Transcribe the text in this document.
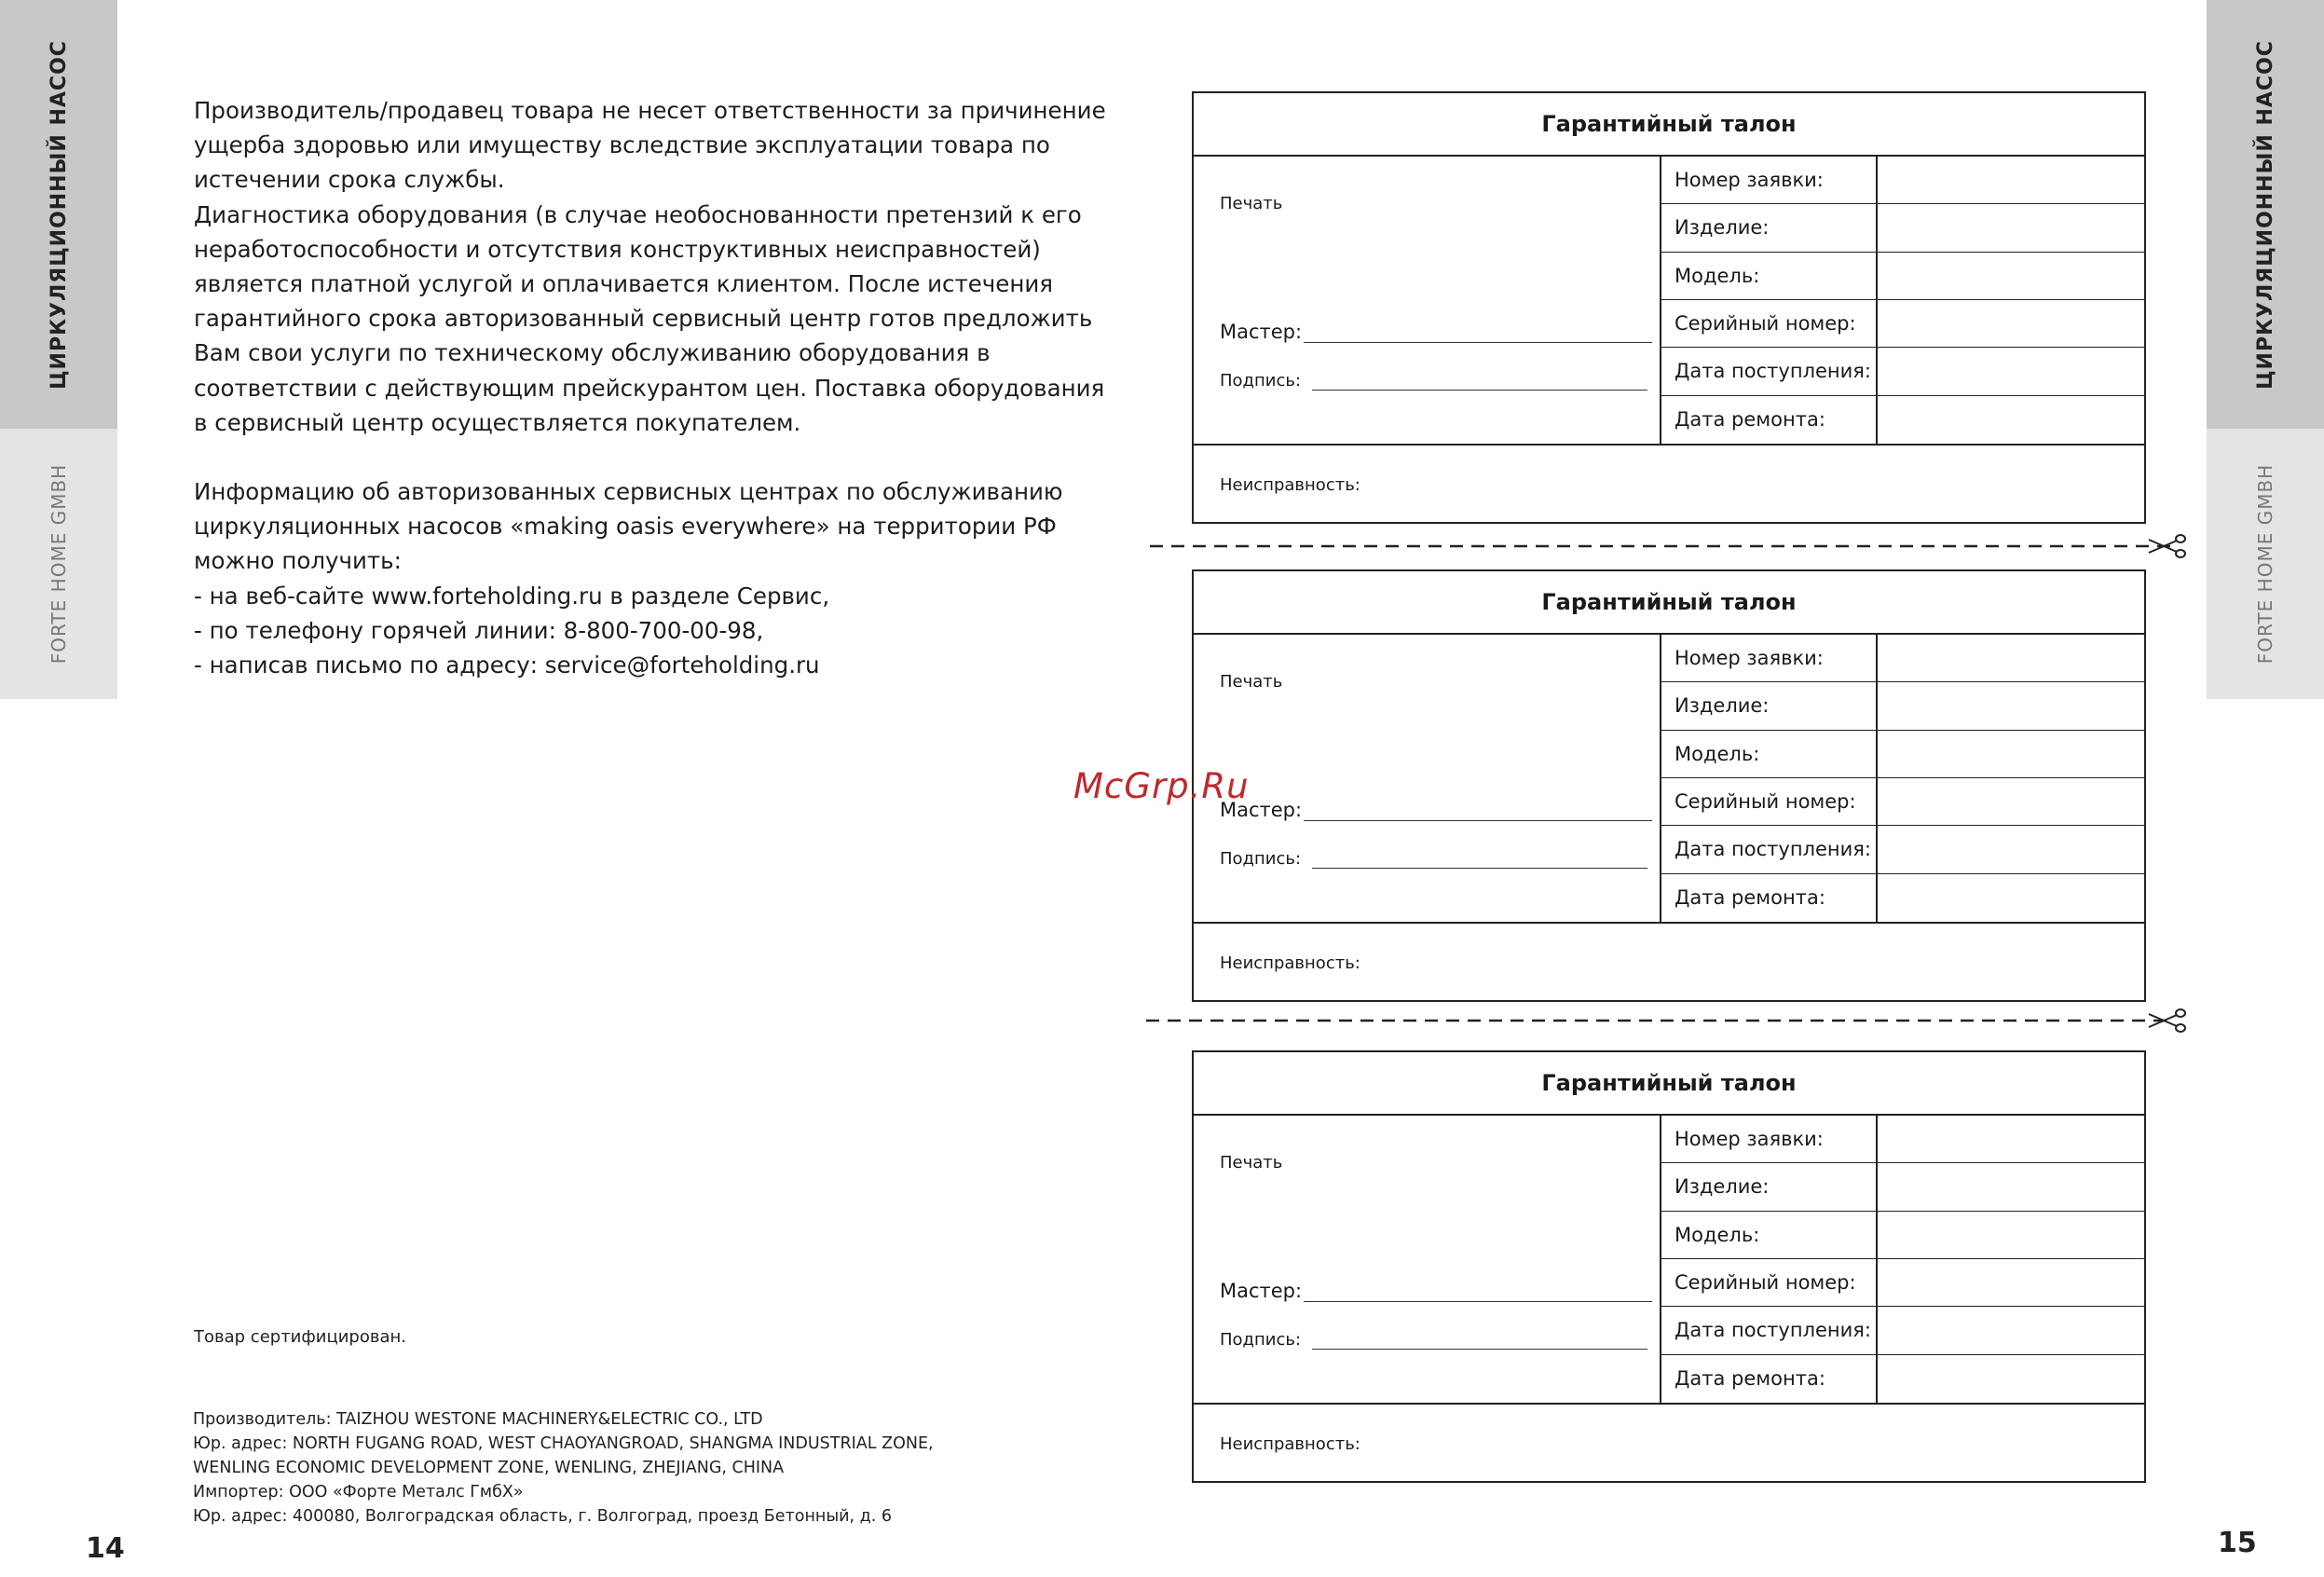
ЦИРКУЛЯЦИОННЫЙ НАСОС
FORTE HOME GMBH
ЦИРКУЛЯЦИОННЫЙ НАСОС
FORTE HOME GMBH

Производитель/продавец товара не несет ответственности за причинение

ущерба здоровью или имуществу вследствие эксплуатации товара по

истечении срока службы.

Диагностика оборудования (в случае необоснованности претензий к его

неработоспособности и отсутствия конструктивных неисправностей)

является платной услугой и оплачивается клиентом. После истечения

гарантийного срока авторизованный сервисный центр готов предложить

Вам свои услуги по техническому обслуживанию оборудования в

соответствии с действующим прейскурантом цен. Поставка оборудования

в сервисный центр осуществляется покупателем.

Информацию об авторизованных сервисных центрах по обслуживанию

циркуляционных насосов «making oasis everywhere» на территории РФ

можно получить:

- на веб-сайте www.forteholding.ru в разделе Сервис,

- по телефону горячей линии: 8-800-700-00-98,

- написав письмо по адресу: service@forteholding.ru

Товар сертифицирован.
Производитель: TAIZHOU WESTONE MACHINERY&ELECTRIC CO., LTD
Юр. адрес: NORTH FUGANG ROAD, WEST CHAOYANGROAD, SHANGMA INDUSTRIAL ZONE,
WENLING ECONOMIC DEVELOPMENT ZONE, WENLING, ZHEJIANG, CHINA
Импортер: ООО «Форте Металс ГмбХ»
Юр. адрес: 400080, Волгоградская область, г. Волгоград, проезд Бетонный, д. 6
14	15
Гарантийный талон
Печать
Мастер:
Подпись:
Номер заявки:
Изделие:
Модель:
Серийный номер:
Дата поступления:
Дата ремонта:
Неисправность:
Гарантийный талон
Печать
Мастер:
Подпись:
Номер заявки:
Изделие:
Модель:
Серийный номер:
Дата поступления:
Дата ремонта:
Неисправность:
Гарантийный талон
Печать
Мастер:
Подпись:
Номер заявки:
Изделие:
Модель:
Серийный номер:
Дата поступления:
Дата ремонта:
Неисправность:
McGrp.Ru
